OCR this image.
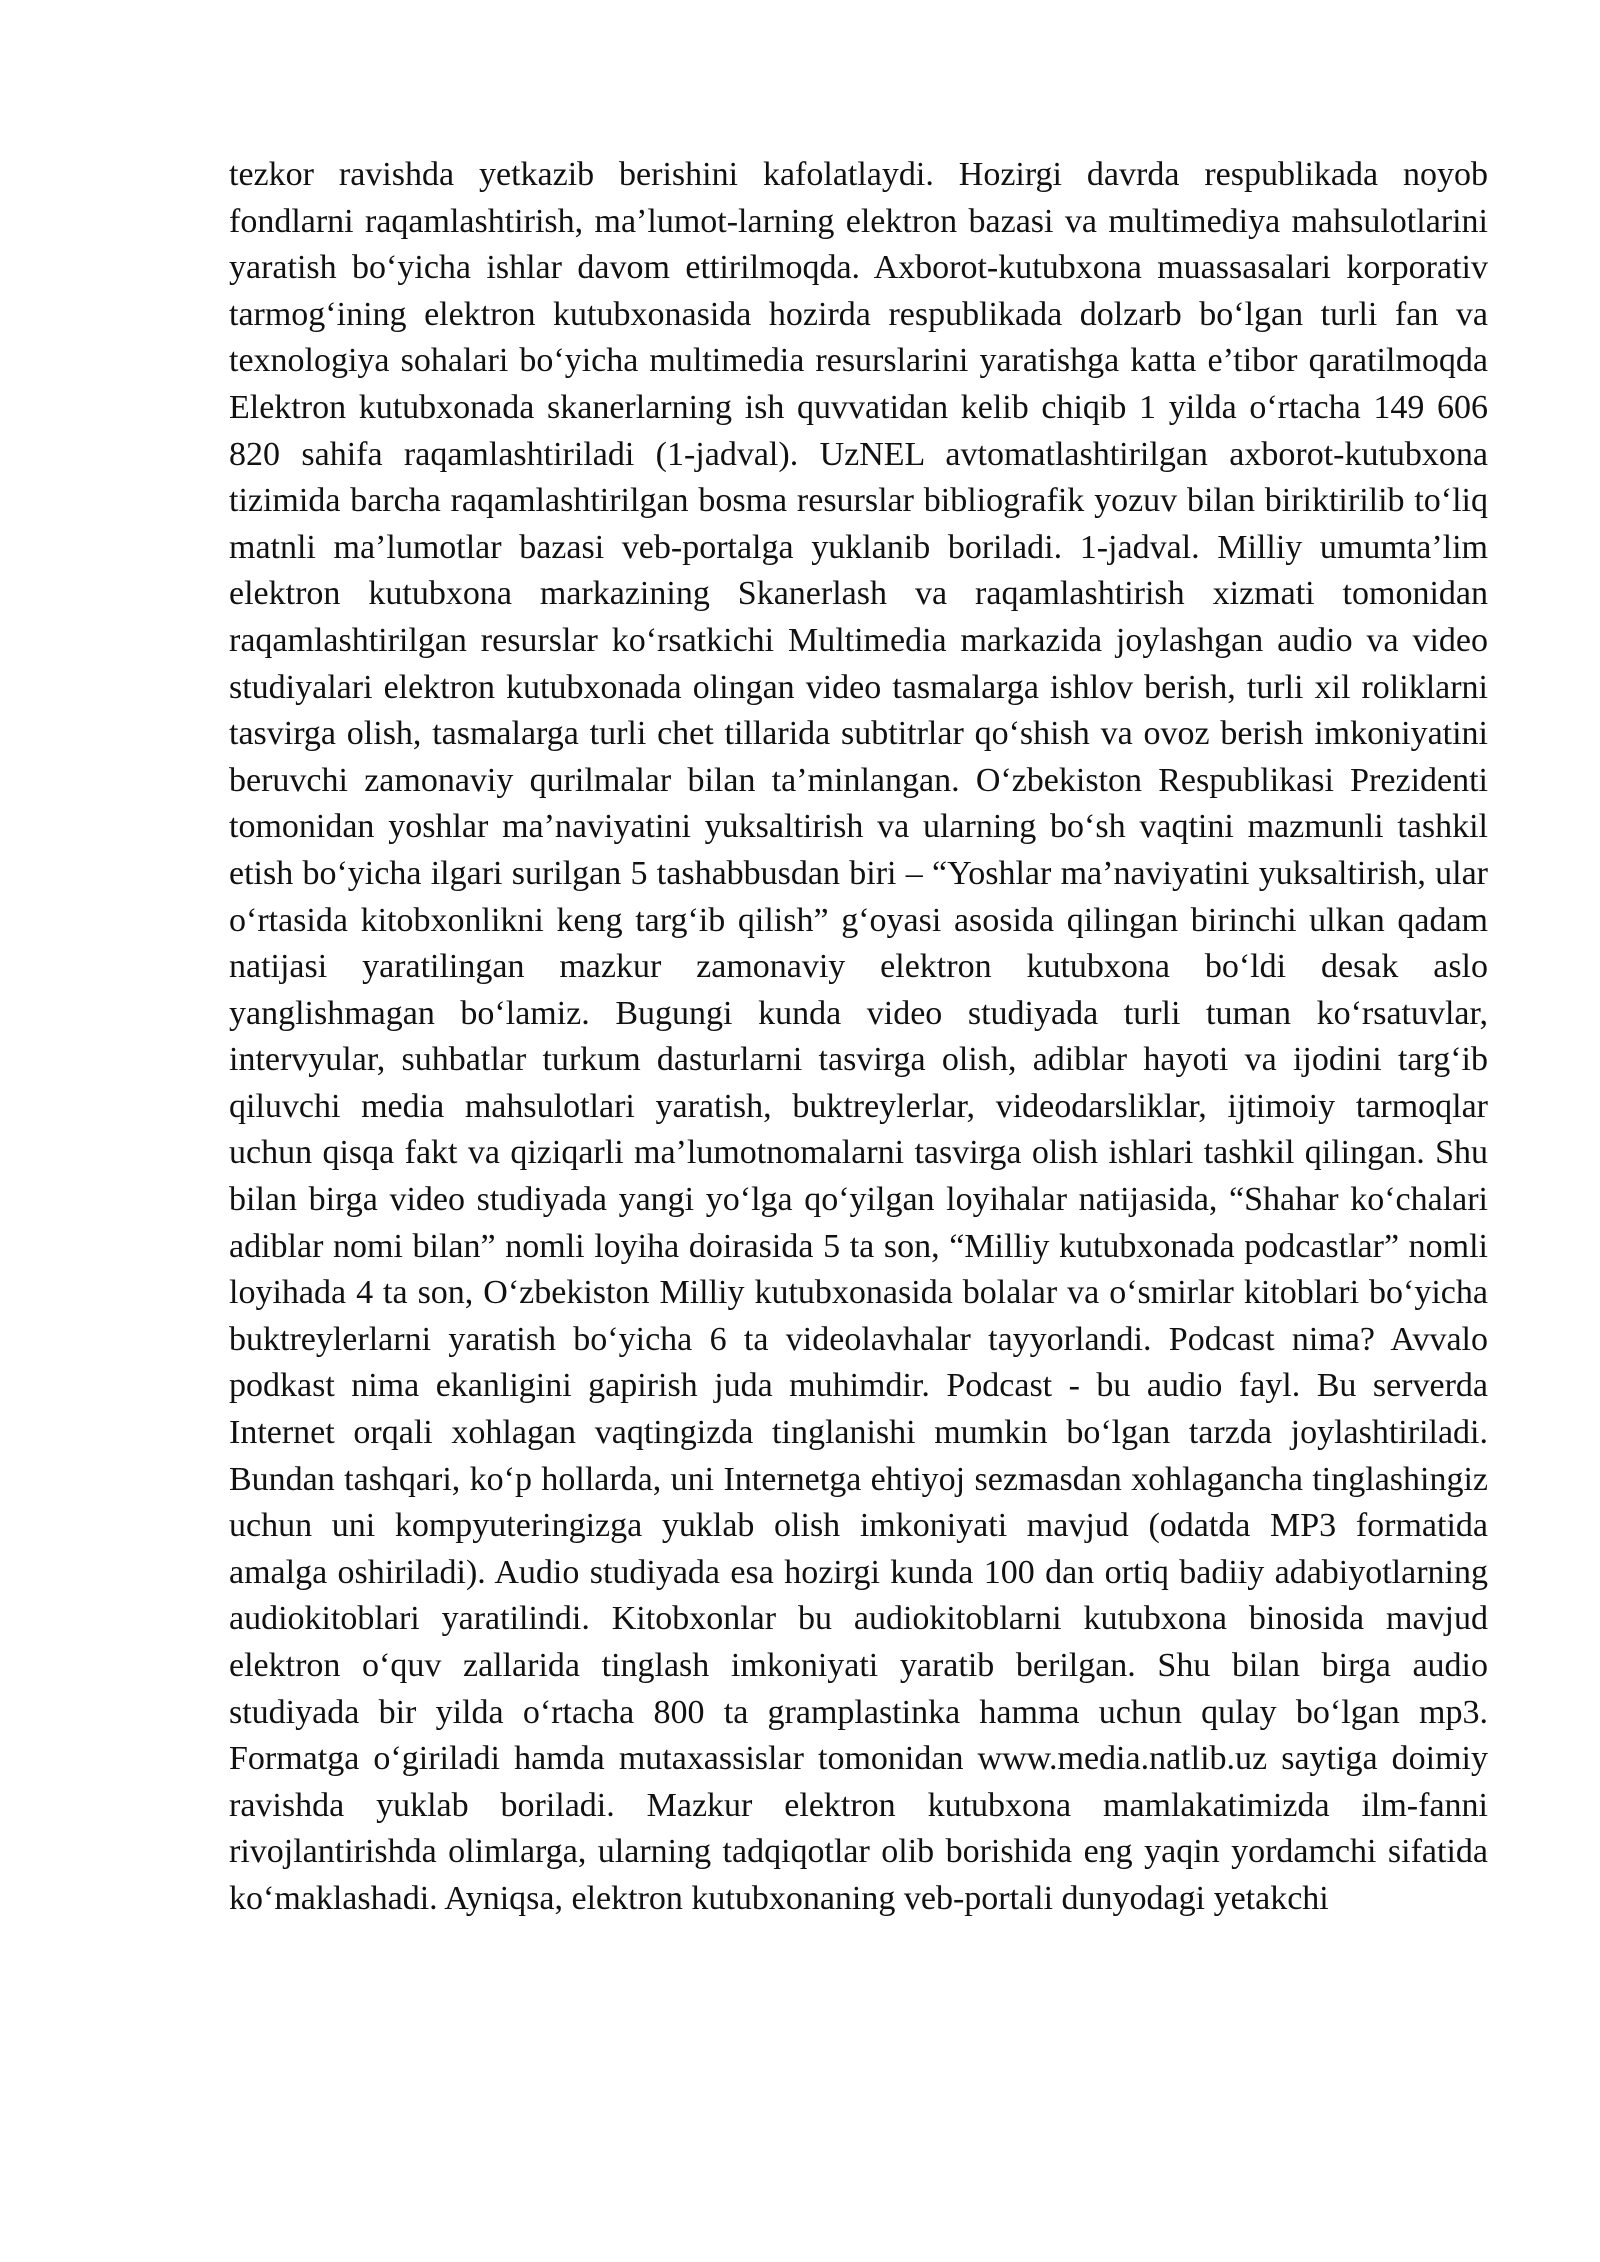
tezkor ravishda yetkazib berishini kafolatlaydi. Hozirgi davrda respublikada noyob fondlarni raqamlashtirish, ma’lumot-larning elektron bazasi va multimediya mahsulotlarini yaratish bo‘yicha ishlar davom ettirilmoqda. Axborot-kutubxona muassasalari korporativ tarmog‘ining elektron kutubxonasida hozirda respublikada dolzarb bo‘lgan turli fan va texnologiya sohalari bo‘yicha multimedia resurslarini yaratishga katta e’tibor qaratilmoqda Elektron kutubxonada skanerlarning ish quvvatidan kelib chiqib 1 yilda o‘rtacha 149 606 820 sahifa raqamlashtiriladi (1-jadval). UzNEL avtomatlashtirilgan axborot-kutubxona tizimida barcha raqamlashtirilgan bosma resurslar bibliografik yozuv bilan biriktirilib to‘liq matnli ma’lumotlar bazasi veb-portalga yuklanib boriladi. 1-jadval. Milliy umumta’lim elektron kutubxona markazining Skanerlash va raqamlashtirish xizmati tomonidan raqamlashtirilgan resurslar ko‘rsatkichi Multimedia markazida joylashgan audio va video studiyalari elektron kutubxonada olingan video tasmalarga ishlov berish, turli xil roliklarni tasvirga olish, tasmalarga turli chet tillarida subtitrlar qo‘shish va ovoz berish imkoniyatini beruvchi zamonaviy qurilmalar bilan ta’minlangan. O‘zbekiston Respublikasi Prezidenti tomonidan yoshlar ma’naviyatini yuksaltirish va ularning bo‘sh vaqtini mazmunli tashkil etish bo‘yicha ilgari surilgan 5 tashabbusdan biri – “Yoshlar ma’naviyatini yuksaltirish, ular o‘rtasida kitobxonlikni keng targ‘ib qilish” g‘oyasi asosida qilingan birinchi ulkan qadam natijasi yaratilingan mazkur zamonaviy elektron kutubxona bo‘ldi desak aslo yanglishmagan bo‘lamiz. Bugungi kunda video studiyada turli tuman ko‘rsatuvlar, intervyular, suhbatlar turkum dasturlarni tasvirga olish, adiblar hayoti va ijodini targ‘ib qiluvchi media mahsulotlari yaratish, buktreylerlar, videodarsliklar, ijtimoiy tarmoqlar uchun qisqa fakt va qiziqarli ma’lumotnomalarni tasvirga olish ishlari tashkil qilingan. Shu bilan birga video studiyada yangi yo‘lga qo‘yilgan loyihalar natijasida, “Shahar ko‘chalari adiblar nomi bilan” nomli loyiha doirasida 5 ta son, “Milliy kutubxonada podcastlar” nomli loyihada 4 ta son, O‘zbekiston Milliy kutubxonasida bolalar va o‘smirlar kitoblari bo‘yicha buktreylerlarni yaratish bo‘yicha 6 ta videolavhalar tayyorlandi. Podcast nima? Avvalo podkast nima ekanligini gapirish juda muhimdir. Podcast - bu audio fayl. Bu serverda Internet orqali xohlagan vaqtingizda tinglanishi mumkin bo‘lgan tarzda joylashtiriladi. Bundan tashqari, ko‘p hollarda, uni Internetga ehtiyoj sezmasdan xohlagancha tinglashingiz uchun uni kompyuteringizga yuklab olish imkoniyati mavjud (odatda MP3 formatida amalga oshiriladi). Audio studiyada esa hozirgi kunda 100 dan ortiq badiiy adabiyotlarning audiokitoblari yaratilindi. Kitobxonlar bu audiokitoblarni kutubxona binosida mavjud elektron o‘quv zallarida tinglash imkoniyati yaratib berilgan. Shu bilan birga audio studiyada bir yilda o‘rtacha 800 ta gramplastinka hamma uchun qulay bo‘lgan mp3. Formatga o‘giriladi hamda mutaxassislar tomonidan www.media.natlib.uz saytiga doimiy ravishda yuklab boriladi. Mazkur elektron kutubxona mamlakatimizda ilm-fanni rivojlantirishda olimlarga, ularning tadqiqotlar olib borishida eng yaqin yordamchi sifatida ko‘maklashadi. Ayniqsa, elektron kutubxonaning veb-portali dunyodagi yetakchi
